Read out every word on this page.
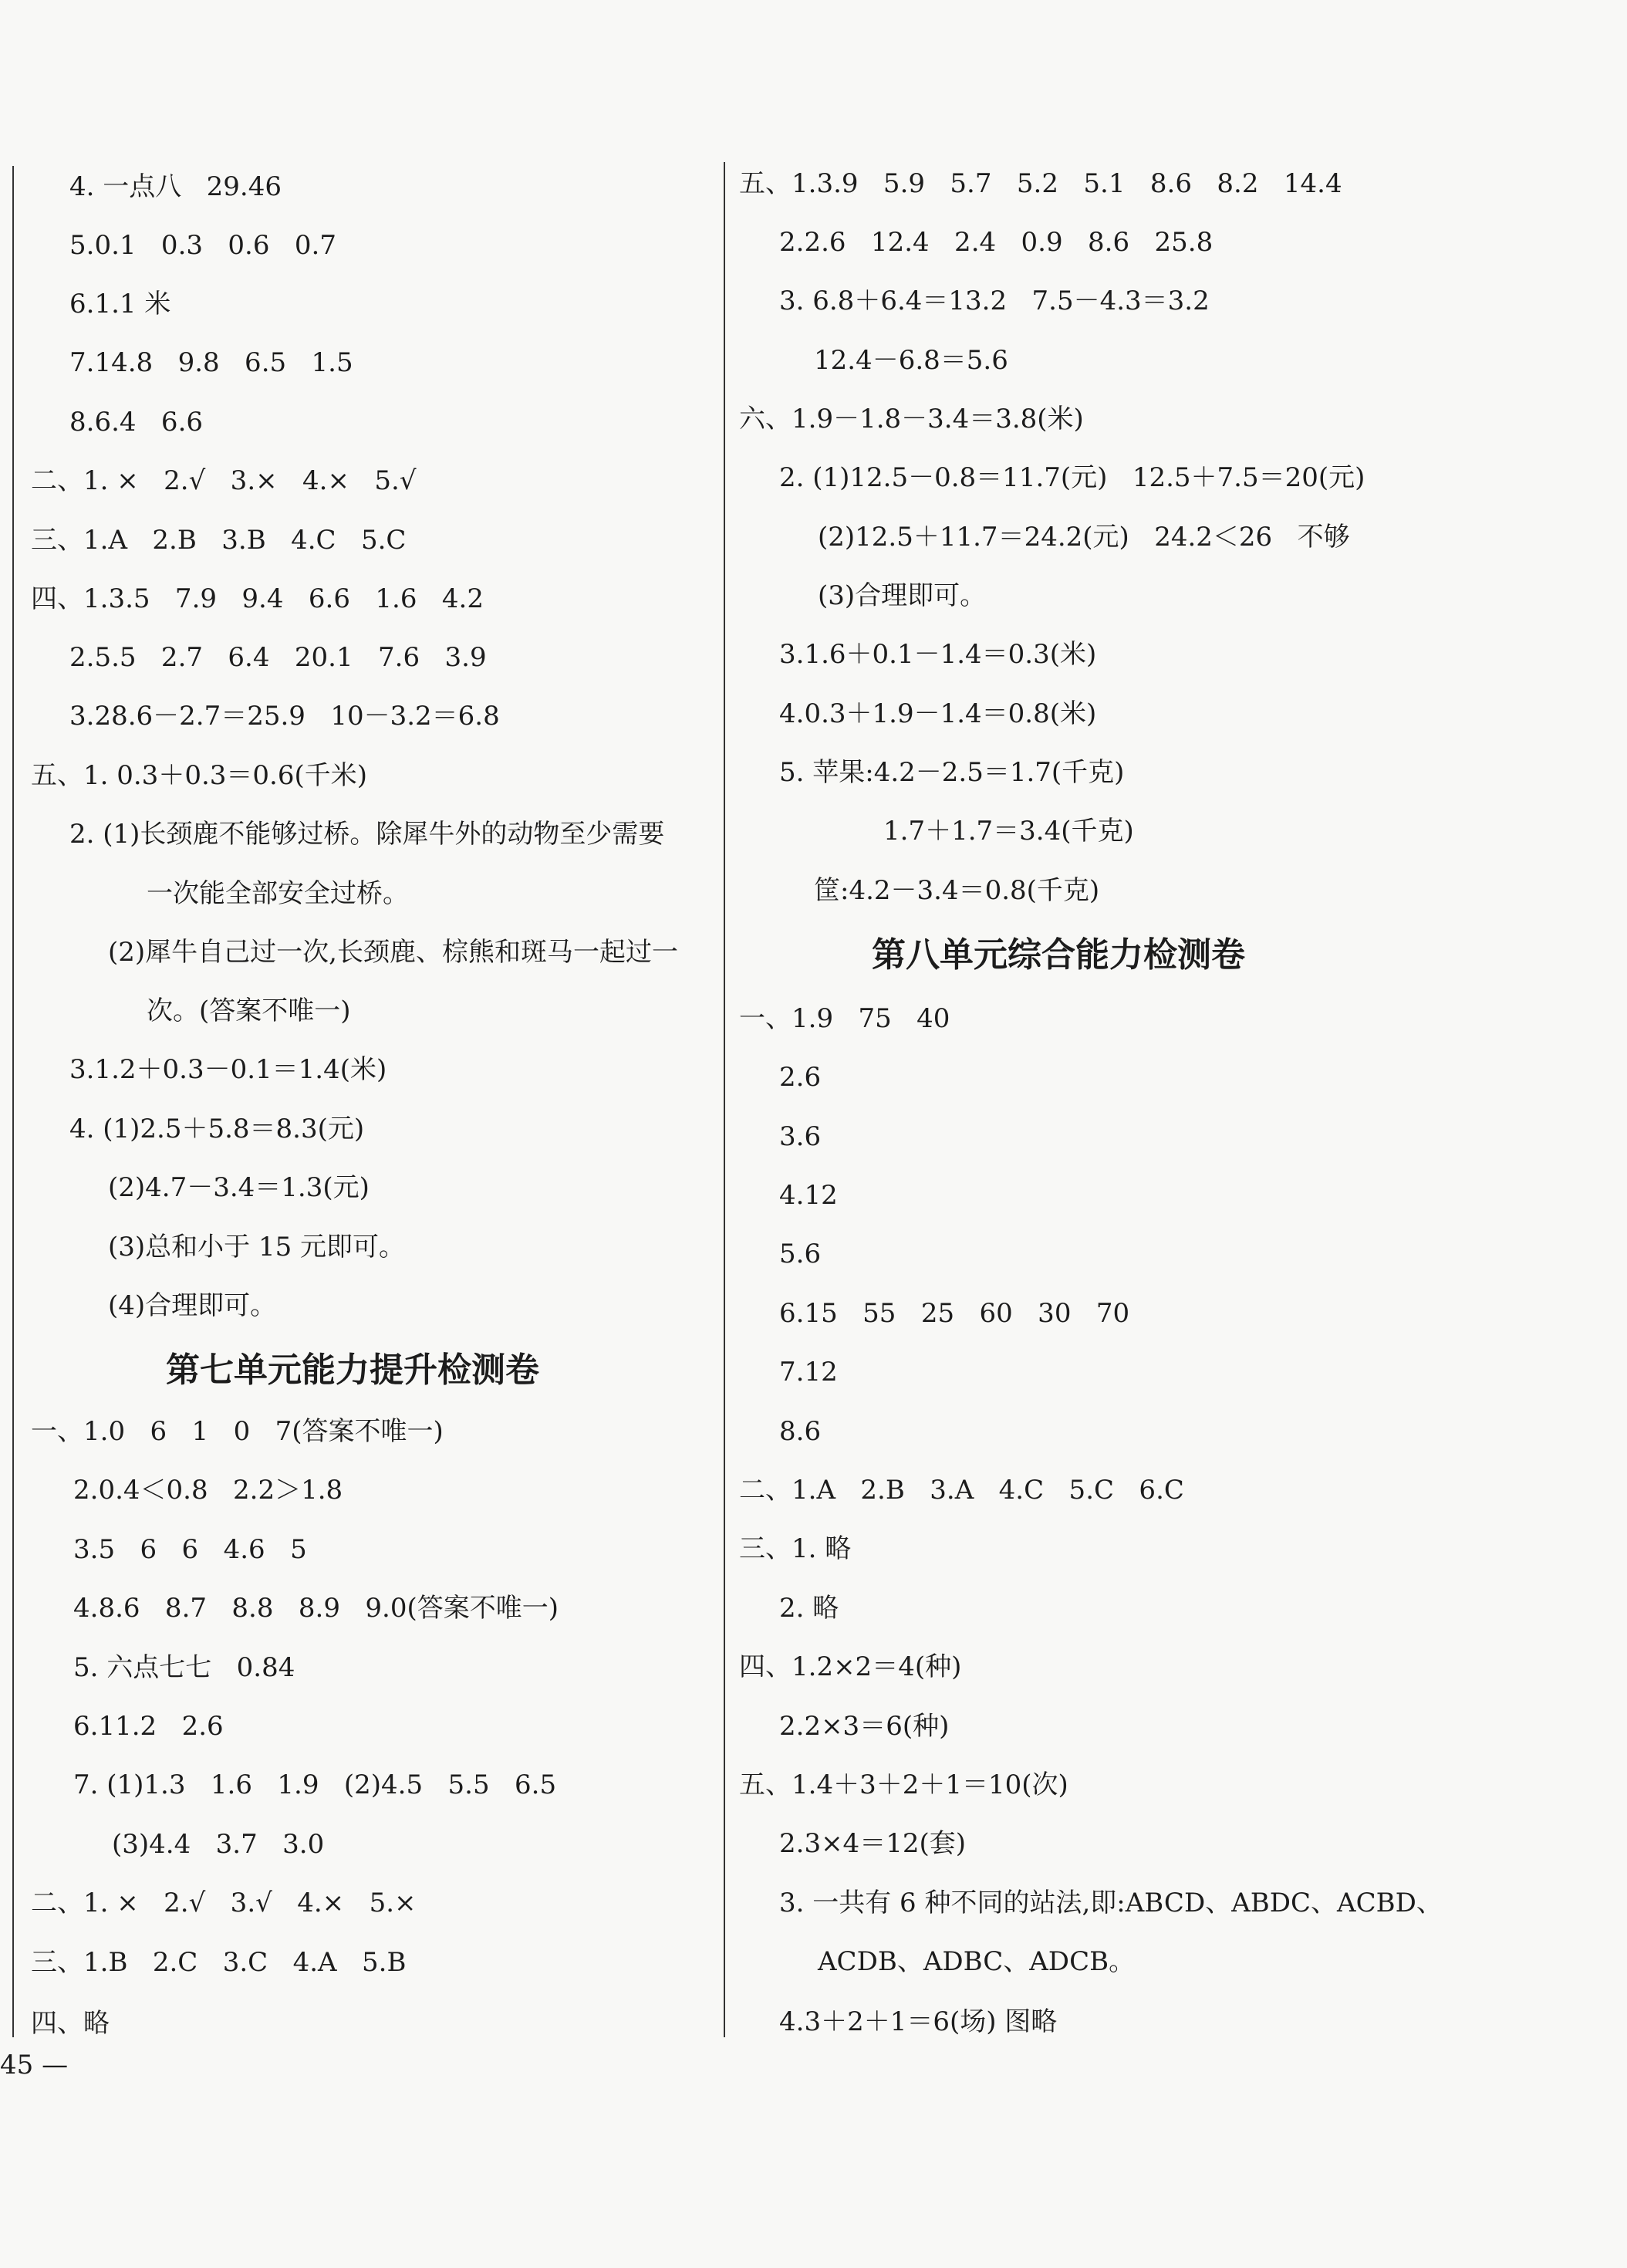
4. 一点八   29.46
5.0.1   0.3   0.6   0.7
6.1.1 米
7.14.8   9.8   6.5   1.5
8.6.4   6.6
二、1. ×   2.√   3.×   4.×   5.√
三、1.A   2.B   3.B   4.C   5.C
四、1.3.5   7.9   9.4   6.6   1.6   4.2
2.5.5   2.7   6.4   20.1   7.6   3.9
3.28.6－2.7＝25.9   10－3.2＝6.8
五、1. 0.3＋0.3＝0.6(千米)
2. (1)长颈鹿不能够过桥。除犀牛外的动物至少需要
一次能全部安全过桥。
(2)犀牛自己过一次,长颈鹿、棕熊和斑马一起过一
次。(答案不唯一)
3.1.2＋0.3－0.1＝1.4(米)
4. (1)2.5＋5.8＝8.3(元)
(2)4.7－3.4＝1.3(元)
(3)总和小于 15 元即可。
(4)合理即可。
一、1.0   6   1   0   7(答案不唯一)
2.0.4＜0.8   2.2＞1.8
3.5   6   6   4.6   5
4.8.6   8.7   8.8   8.9   9.0(答案不唯一)
5. 六点七七   0.84
6.11.2   2.6
7. (1)1.3   1.6   1.9   (2)4.5   5.5   6.5
(3)4.4   3.7   3.0
二、1. ×   2.√   3.√   4.×   5.×
三、1.B   2.C   3.C   4.A   5.B
四、略
五、1.3.9   5.9   5.7   5.2   5.1   8.6   8.2   14.4
2.2.6   12.4   2.4   0.9   8.6   25.8
3. 6.8＋6.4＝13.2   7.5－4.3＝3.2
12.4－6.8＝5.6
六、1.9－1.8－3.4＝3.8(米)
2. (1)12.5－0.8＝11.7(元)   12.5＋7.5＝20(元)
(2)12.5＋11.7＝24.2(元)   24.2＜26   不够
(3)合理即可。
3.1.6＋0.1－1.4＝0.3(米)
4.0.3＋1.9－1.4＝0.8(米)
5. 苹果:4.2－2.5＝1.7(千克)
1.7＋1.7＝3.4(千克)
筐:4.2－3.4＝0.8(千克)
一、1.9   75   40
2.6
3.6
4.12
5.6
6.15   55   25   60   30   70
7.12
8.6
二、1.A   2.B   3.A   4.C   5.C   6.C
三、1. 略
2. 略
四、1.2×2＝4(种)
2.2×3＝6(种)
五、1.4＋3＋2＋1＝10(次)
2.3×4＝12(套)
3. 一共有 6 种不同的站法,即:ABCD、ABDC、ACBD、
ACDB、ADBC、ADCB。
4.3＋2＋1＝6(场) 图略
第七单元能力提升检测卷
第八单元综合能力检测卷
45 —
